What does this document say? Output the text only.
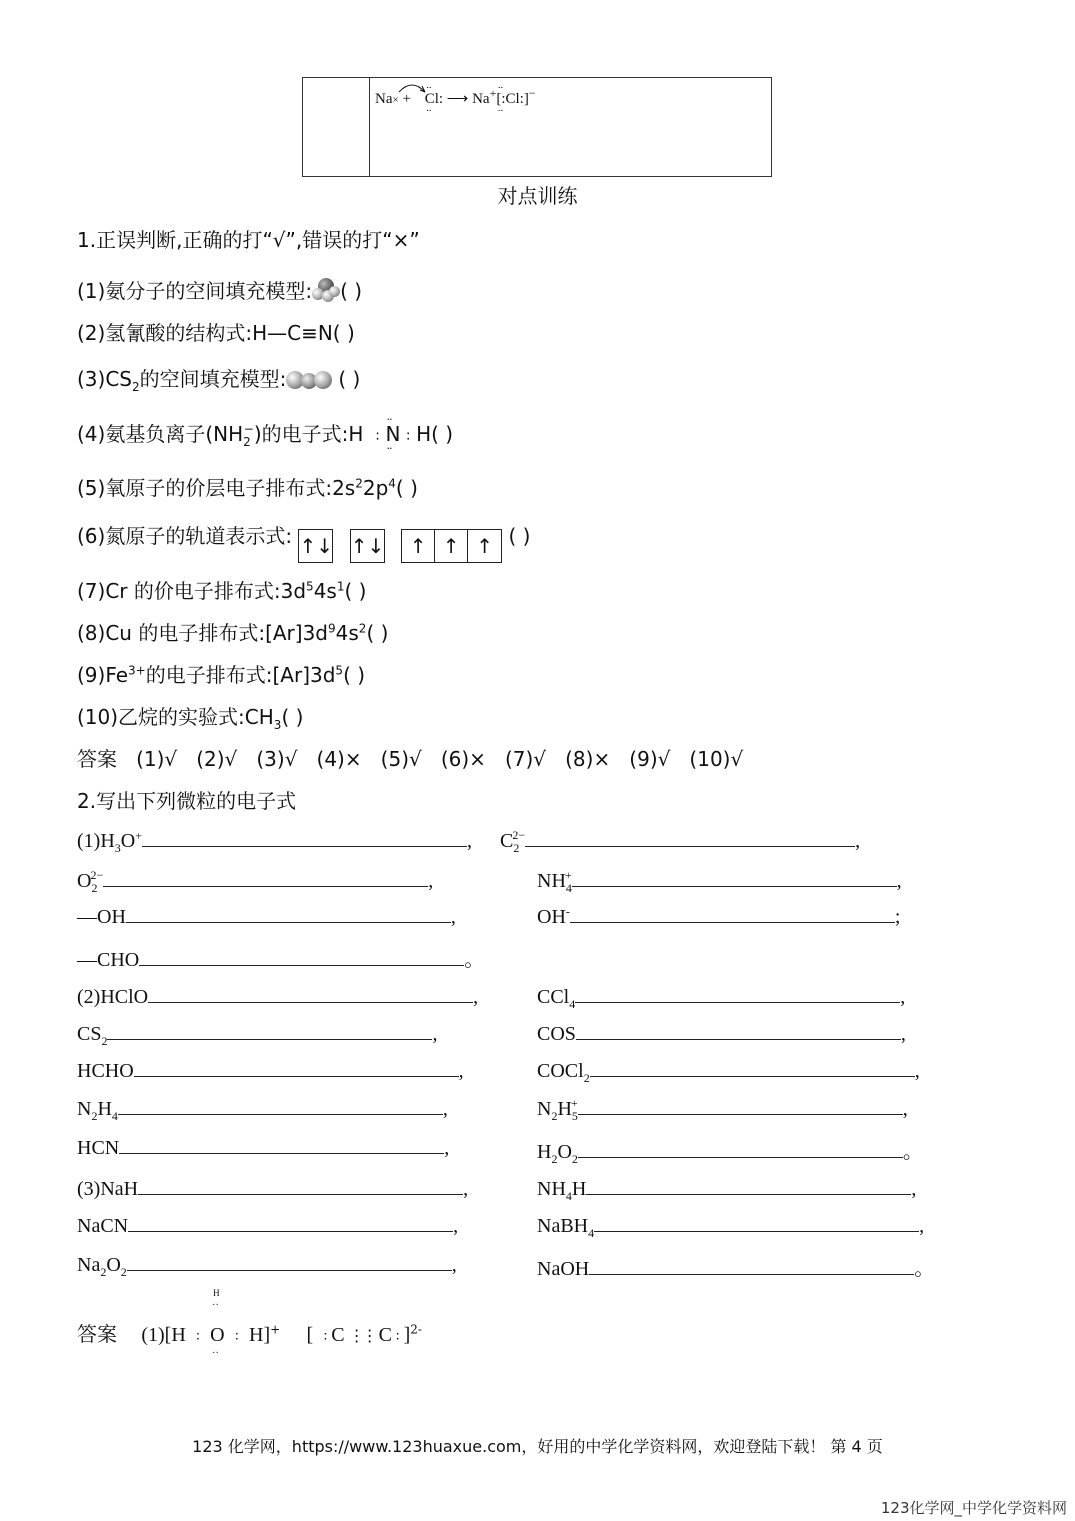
Na× + ·· Cl ··: ⟶ Na+·· [:Cl:] ··−
对点训练
1.正误判断,正确的打“√”,错误的打“×”
(1)氨分子的空间填充模型: ( )
(2)氢氰酸的结构式:H—C≡N( )
$(3)CS_2$的空间填充模型:	( )
(4)氨基负离子$(NH_2^-)$的电子式:H ∶ ·· N ·· ∶ H( )
(5)氧原子的价层电子排布式$:2s^22p^4$( )
(6)氮原子的轨道表示式: ↑↓ ↑↓ ↑ ↑ ↑ ( )
(7)Cr 的价电子排布式$:3d^54s^1$( )
(8)Cu 的电子排布式$:[Ar]3d^94s^2$( )
$(9)Fe^{3+}$的电子排布式$:[Ar]3d^5$( )
(10)乙烷的实验式$:CH_3$( )
答案   (1)√   (2)√   (3)√   (4)×   (5)√   (6)×   (7)√   (8)×   (9)√   (10)√
2.写出下列微粒的电子式
$(1)H_3O^+$	, $C_2^{2-}$	,
$O_2^{2-}$	,	$NH_4^+$	,
—OH	,	OH-	;
—CHO	。
(2)HClO	,	CCl$_4$	,
$CS_2$	,	COS	,
HCHO	,	COCl$_2$	,
$N_2H_4$	,	$N_2H_5^+$	,
HCN	,	$H_2O_2$	。
(3)NaH	,	$NH_4H$	,
NaCN	,	NaBH$_4$	,
$Na_2O_2$	,	NaOH	。
答案 (1)[H ∶
H
··
O
··
∶ H]+ [ ∶ C ⋮⋮ C ∶ ]$^{2-}$
123 化学网，https://www.123huaxue.com，好用的中学化学资料网，欢迎登陆下载！ 第 4 页
123化学网_中学化学资料网
